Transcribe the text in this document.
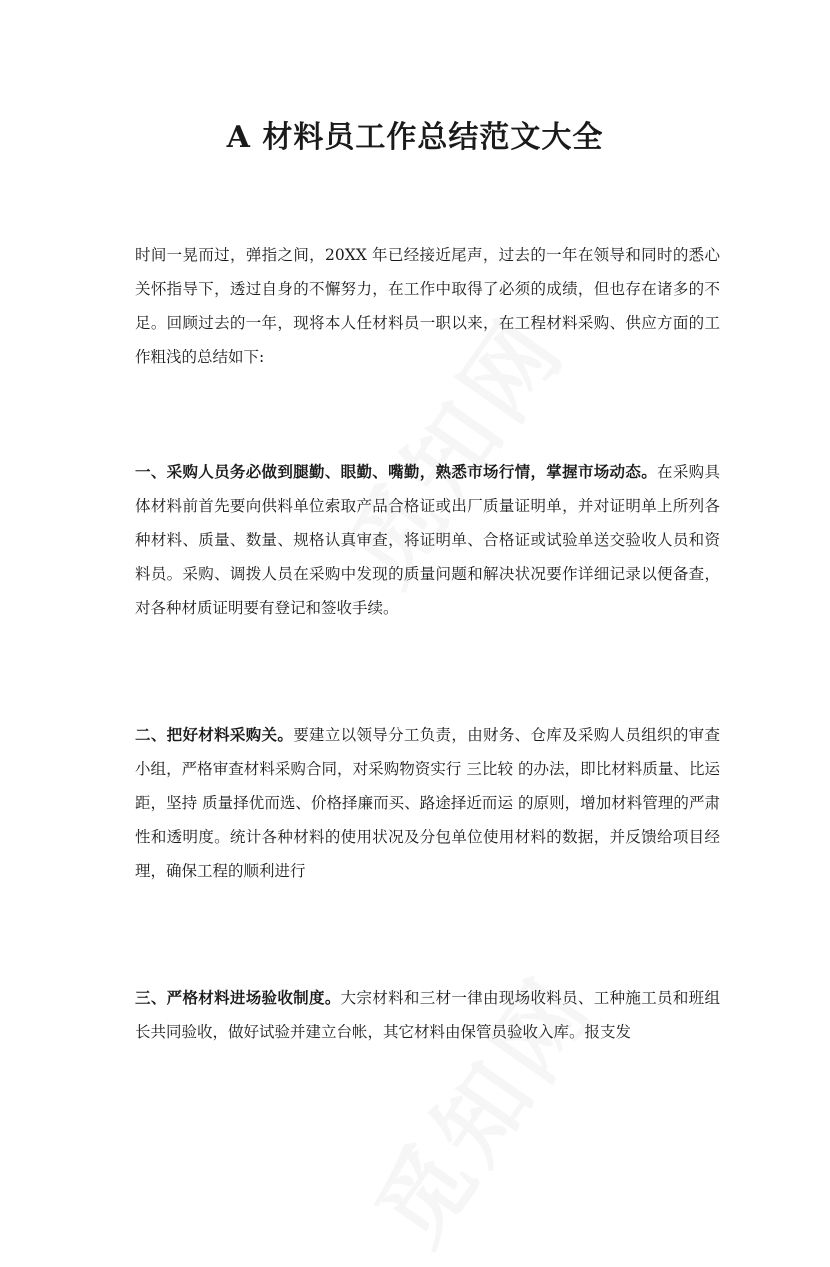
A 材料员工作总结范文大全

时间一晃而过，弹指之间，20XX 年已经接近尾声，过去的一年在领导和同时的悉心关怀指导下，透过自身的不懈努力，在工作中取得了必须的成绩，但也存在诸多的不足。回顾过去的一年，现将本人任材料员一职以来，在工程材料采购、供应方面的工作粗浅的总结如下:

一、采购人员务必做到腿勤、眼勤、嘴勤，熟悉市场行情，掌握市场动态。在采购具体材料前首先要向供料单位索取产品合格证或出厂质量证明单，并对证明单上所列各种材料、质量、数量、规格认真审查，将证明单、合格证或试验单送交验收人员和资料员。采购、调拨人员在采购中发现的质量问题和解决状况要作详细记录以便备查，对各种材质证明要有登记和签收手续。

二、把好材料采购关。要建立以领导分工负责，由财务、仓库及采购人员组织的审查小组，严格审查材料采购合同，对采购物资实行 三比较 的办法，即比材料质量、比运距，坚持 质量择优而选、价格择廉而买、路途择近而运 的原则，增加材料管理的严肃性和透明度。统计各种材料的使用状况及分包单位使用材料的数据，并反馈给项目经理，确保工程的顺利进行

三、严格材料进场验收制度。大宗材料和三材一律由现场收料员、工种施工员和班组长共同验收，做好试验并建立台帐，其它材料由保管员验收入库。报支发
